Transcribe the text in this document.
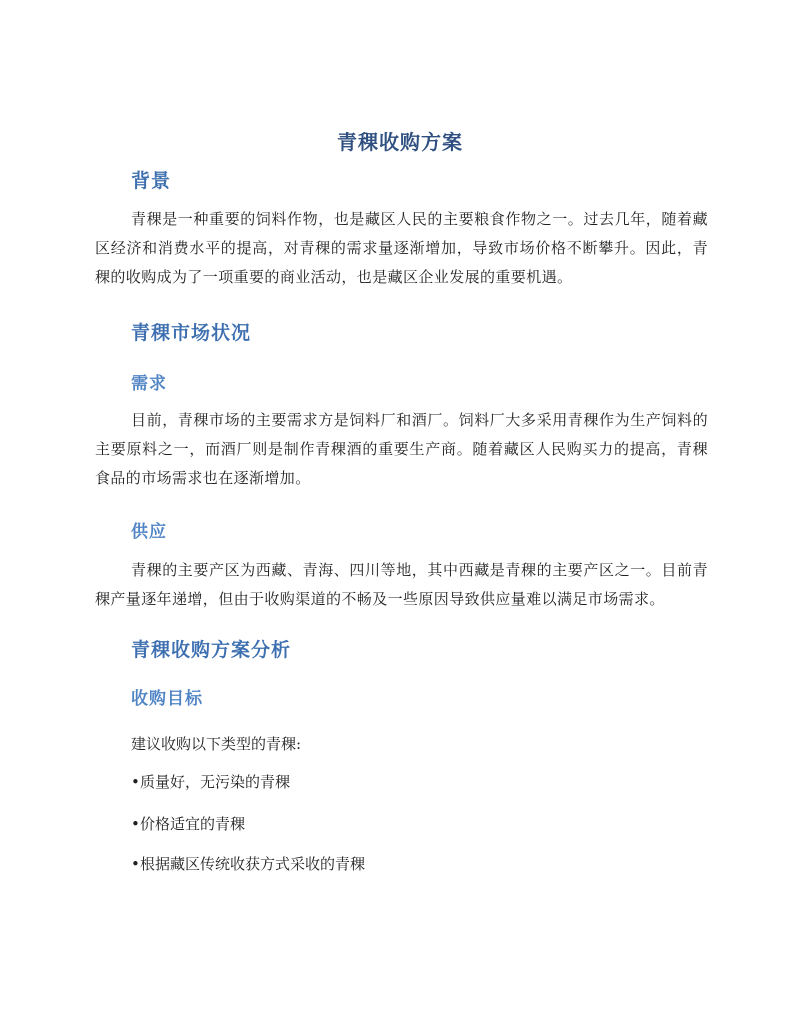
青稞收购方案
背景

青稞是一种重要的饲料作物，也是藏区人民的主要粮食作物之一。过去几年，随着藏区经济和消费水平的提高，对青稞的需求量逐渐增加，导致市场价格不断攀升。因此，青稞的收购成为了一项重要的商业活动，也是藏区企业发展的重要机遇。

青稞市场状况
需求

目前，青稞市场的主要需求方是饲料厂和酒厂。饲料厂大多采用青稞作为生产饲料的主要原料之一，而酒厂则是制作青稞酒的重要生产商。随着藏区人民购买力的提高，青稞食品的市场需求也在逐渐增加。

供应

青稞的主要产区为西藏、青海、四川等地，其中西藏是青稞的主要产区之一。目前青稞产量逐年递增，但由于收购渠道的不畅及一些原因导致供应量难以满足市场需求。

青稞收购方案分析
收购目标

建议收购以下类型的青稞:

• 质量好，无污染的青稞
• 价格适宜的青稞
• 根据藏区传统收获方式采收的青稞
